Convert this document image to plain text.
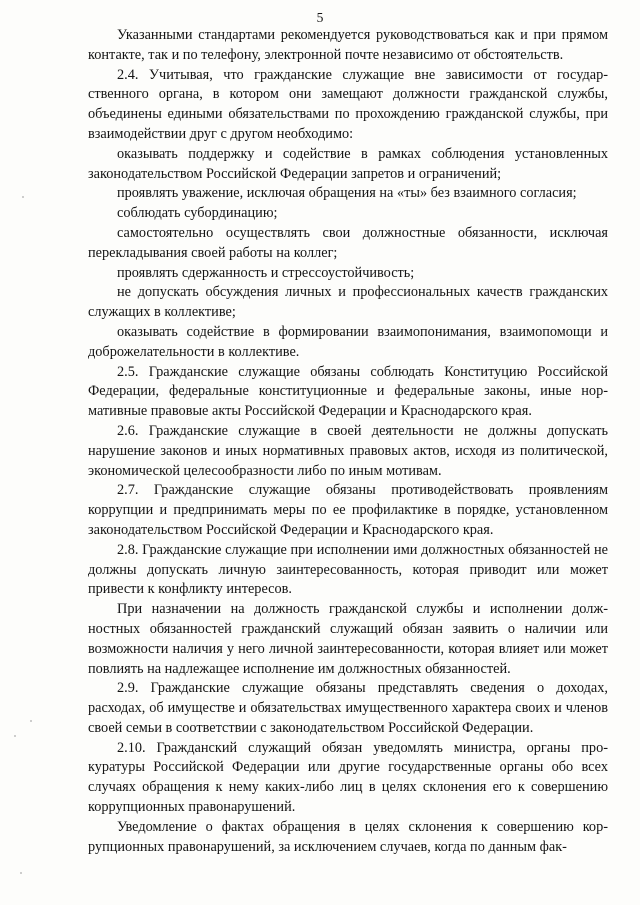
5

Указанными стандартами рекомендуется руководствоваться как и при прямом контакте, так и по телефону, электронной почте независимо от обстоятельств.

2.4. Учитывая, что гражданские служащие вне зависимости от государственного органа, в котором они замещают должности гражданской службы, объединены едиными обязательствами по прохождению гражданской службы, при взаимодействии друг с другом необходимо:

оказывать поддержку и содействие в рамках соблюдения установленных законодательством Российской Федерации запретов и ограничений;

проявлять уважение, исключая обращения на «ты» без взаимного согласия;

соблюдать субординацию;

самостоятельно осуществлять свои должностные обязанности, исключая перекладывания своей работы на коллег;

проявлять сдержанность и стрессоустойчивость;

не допускать обсуждения личных и профессиональных качеств гражданских служащих в коллективе;

оказывать содействие в формировании взаимопонимания, взаимопомощи и доброжелательности в коллективе.

2.5. Гражданские служащие обязаны соблюдать Конституцию Российской Федерации, федеральные конституционные и федеральные законы, иные нормативные правовые акты Российской Федерации и Краснодарского края.

2.6. Гражданские служащие в своей деятельности не должны допускать нарушение законов и иных нормативных правовых актов, исходя из политической, экономической целесообразности либо по иным мотивам.

2.7. Гражданские служащие обязаны противодействовать проявлениям коррупции и предпринимать меры по ее профилактике в порядке, установленном законодательством Российской Федерации и Краснодарского края.

2.8. Гражданские служащие при исполнении ими должностных обязанностей не должны допускать личную заинтересованность, которая приводит или может привести к конфликту интересов.

При назначении на должность гражданской службы и исполнении должностных обязанностей гражданский служащий обязан заявить о наличии или возможности наличия у него личной заинтересованности, которая влияет или может повлиять на надлежащее исполнение им должностных обязанностей.

2.9. Гражданские служащие обязаны представлять сведения о доходах, расходах, об имуществе и обязательствах имущественного характера своих и членов своей семьи в соответствии с законодательством Российской Федерации.

2.10. Гражданский служащий обязан уведомлять министра, органы прокуратуры Российской Федерации или другие государственные органы обо всех случаях обращения к нему каких-либо лиц в целях склонения его к совершению коррупционных правонарушений.

Уведомление о фактах обращения в целях склонения к совершению коррупционных правонарушений, за исключением случаев, когда по данным фак-
